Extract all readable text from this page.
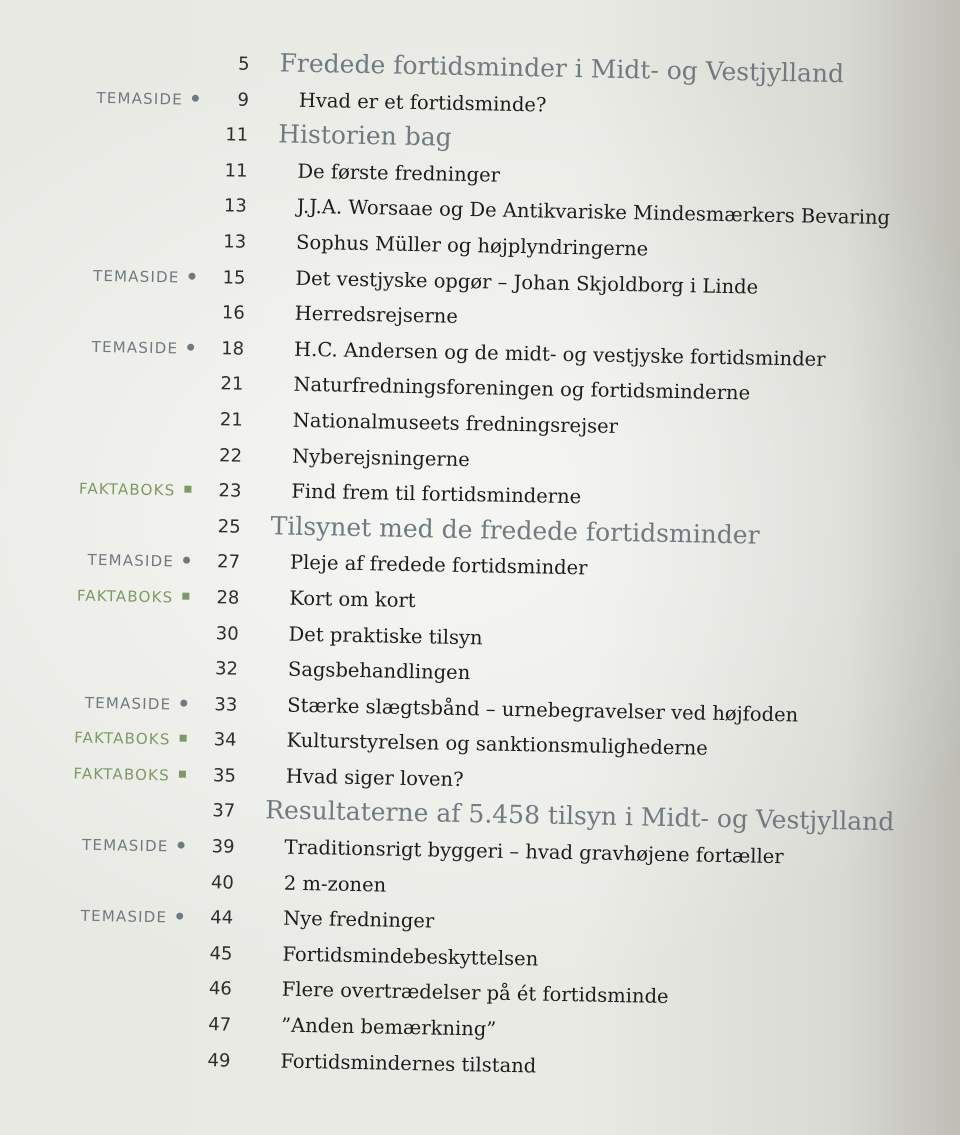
5 Fredede fortidsminder i Midt- og Vestjylland
TEMASIDE	9	Hvad er et fortidsminde?
11 Historien bag
11	De første fredninger
13	J.J.A. Worsaae og De Antikvariske Mindesmærkers Bevaring
13	Sophus Müller og højplyndringerne
TEMASIDE	15	Det vestjyske opgør – Johan Skjoldborg i Linde
16	Herredsrejserne
TEMASIDE	18	H.C. Andersen og de midt- og vestjyske fortidsminder
21	Naturfredningsforeningen og fortidsminderne
21	Nationalmuseets fredningsrejser
22	Nyberejsningerne
FAKTABOKS	23	Find frem til fortidsminderne
25 Tilsynet med de fredede fortidsminder
TEMASIDE	27	Pleje af fredede fortidsminder
FAKTABOKS	28	Kort om kort
30	Det praktiske tilsyn
32	Sagsbehandlingen
TEMASIDE	33	Stærke slægtsbånd – urnebegravelser ved højfoden
FAKTABOKS	34	Kulturstyrelsen og sanktionsmulighederne
FAKTABOKS	35	Hvad siger loven?
37 Resultaterne af 5.458 tilsyn i Midt- og Vestjylland
TEMASIDE	39	Traditionsrigt byggeri – hvad gravhøjene fortæller
40	2 m-zonen
TEMASIDE	44	Nye fredninger
45	Fortidsmindebeskyttelsen
46	Flere overtrædelser på ét fortidsminde
47	”Anden bemærkning”
49	Fortidsmindernes tilstand
